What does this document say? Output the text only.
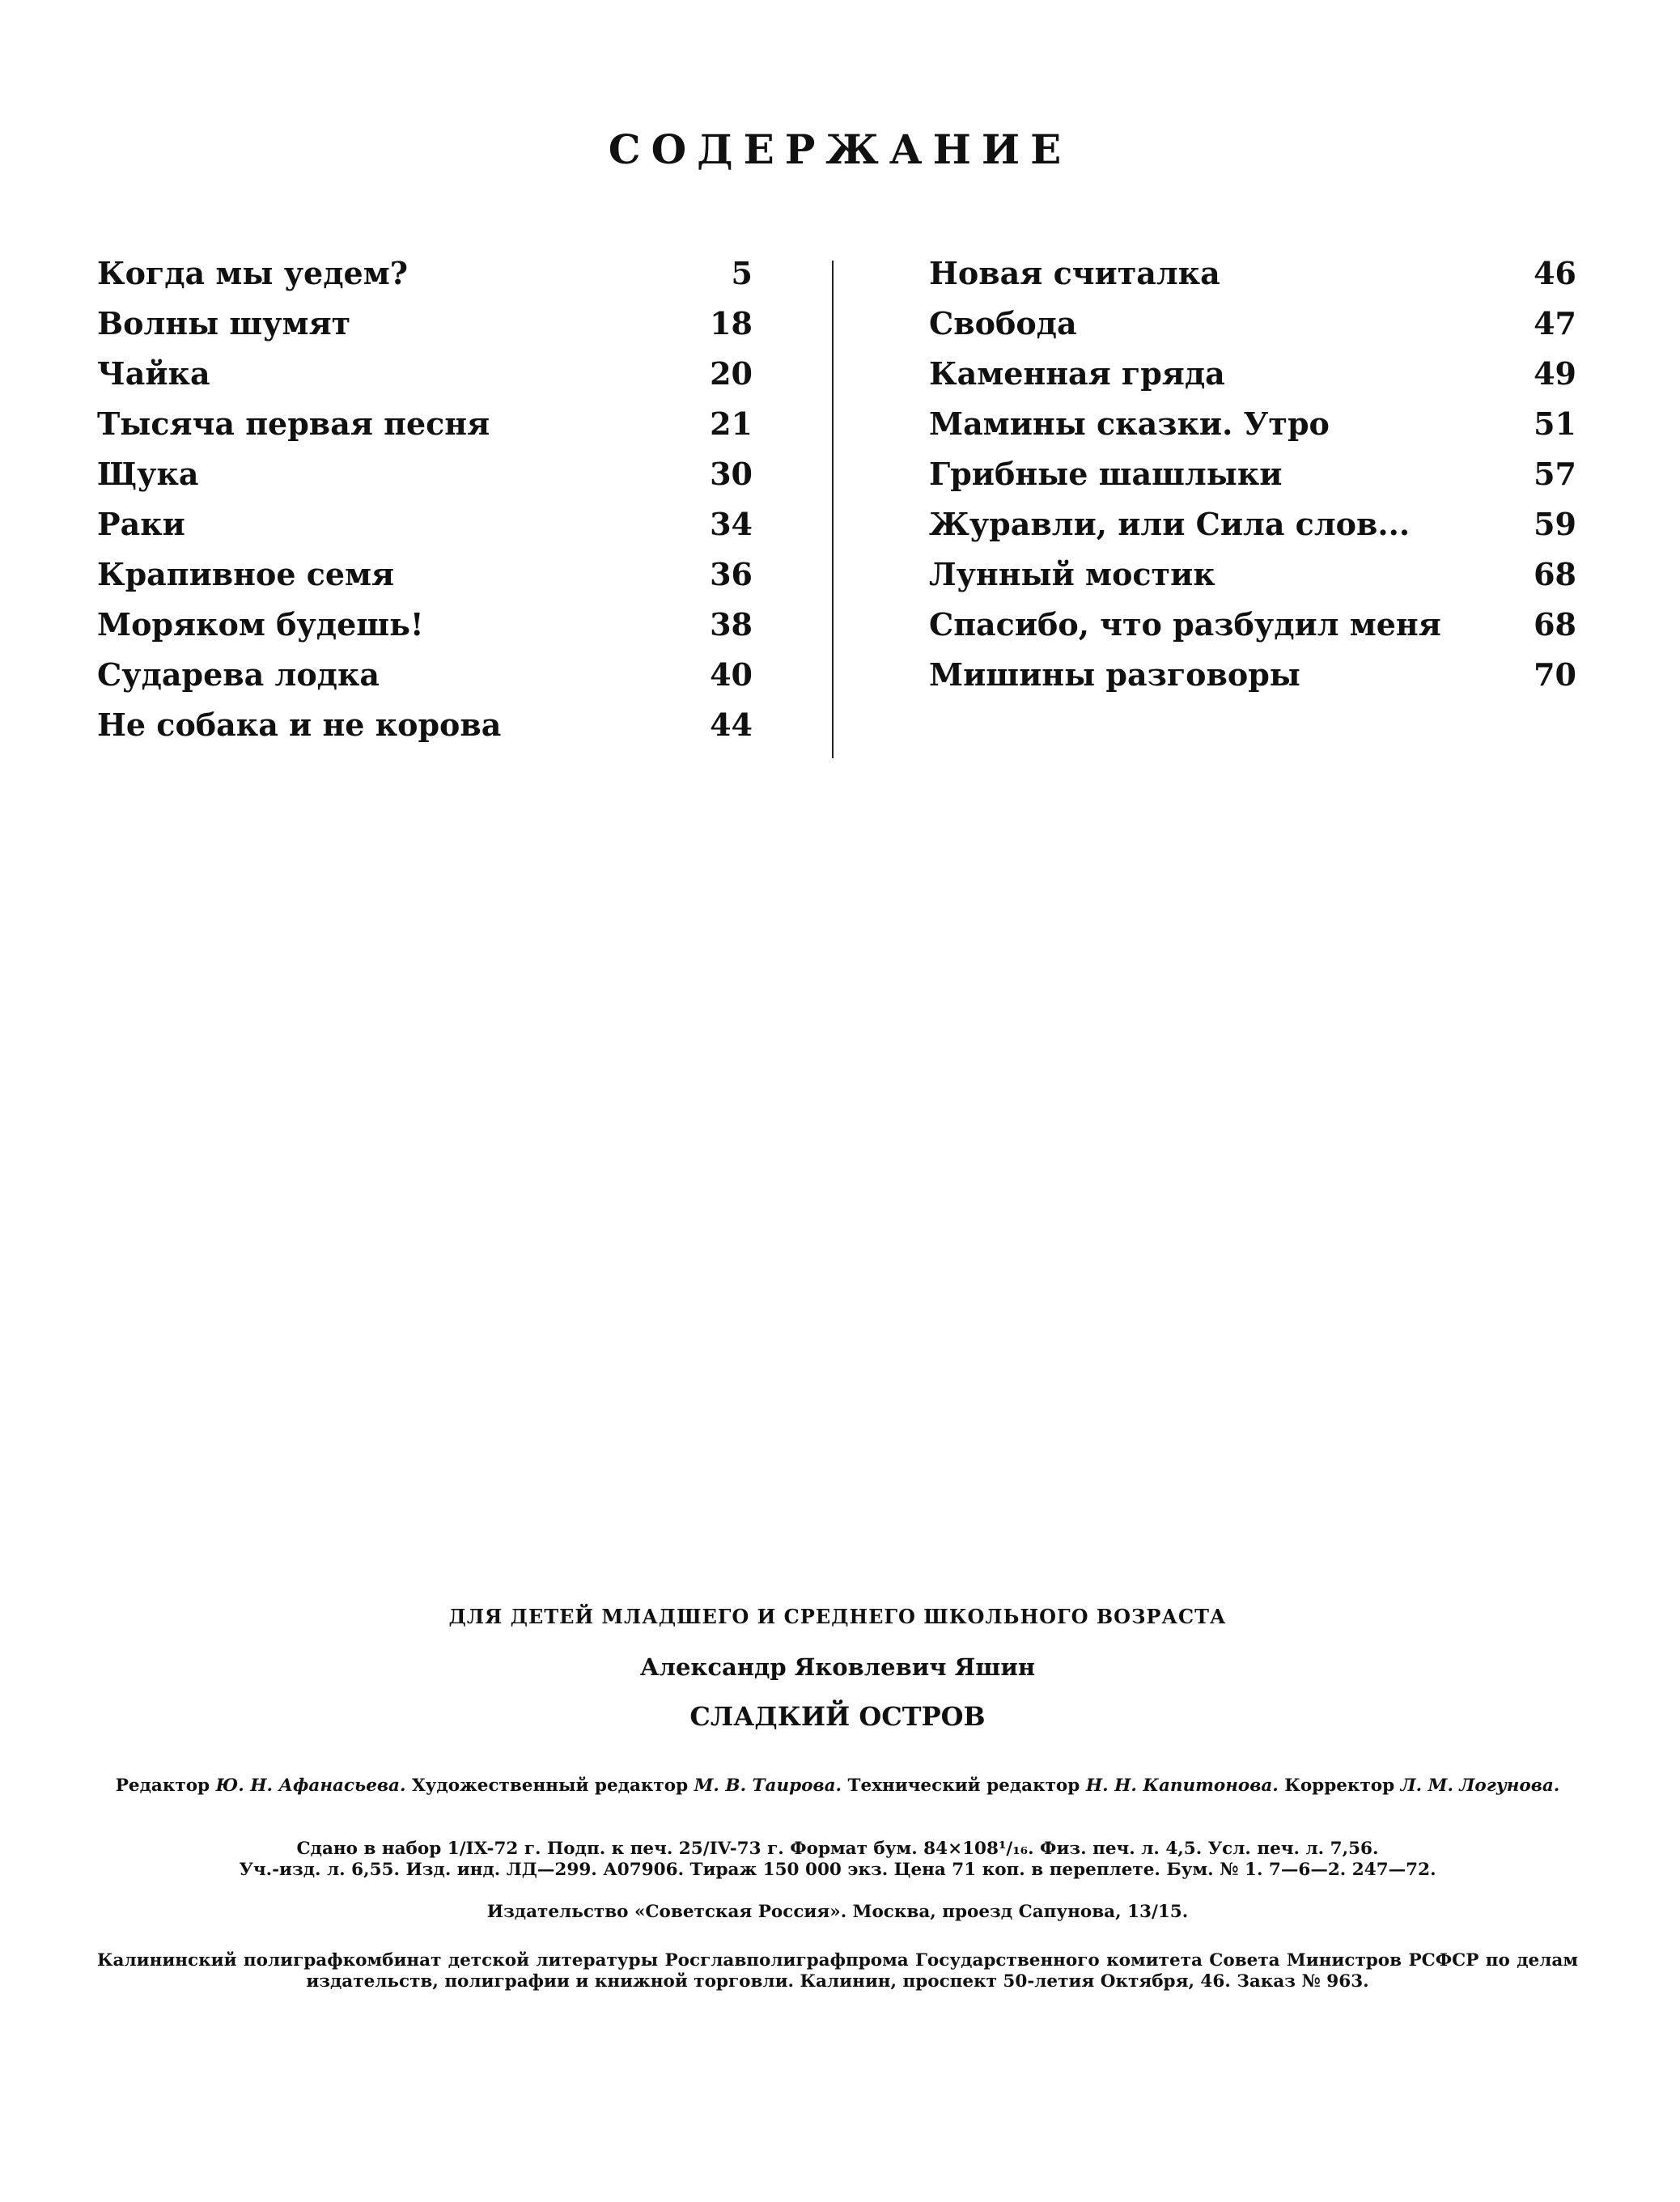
СОДЕРЖАНИЕ
Когда мы уедем?	5
Волны шумят	18
Чайка	20
Тысяча первая песня	21
Щука	30
Раки	34
Крапивное семя	36
Моряком будешь!	38
Сударева лодка	40
Не собака и не корова	44
Новая считалка	46
Свобода	47
Каменная гряда	49
Мамины сказки. Утро	51
Грибные шашлыки	57
Журавли, или Сила слов...	59
Лунный мостик	68
Спасибо, что разбудил меня	68
Мишины разговоры	70
ДЛЯ ДЕТЕЙ МЛАДШЕГО И СРЕДНЕГО ШКОЛЬНОГО ВОЗРАСТА
Александр Яковлевич Яшин
СЛАДКИЙ ОСТРОВ
Редактор Ю. Н. Афанасьева. Художественный редактор М. В. Таирова. Технический редактор Н. Н. Капитонова. Корректор Л. М. Логунова.
Сдано в набор 1/IX-72 г. Подп. к печ. 25/IV-73 г. Формат бум. 84×108¹/₁₆. Физ. печ. л. 4,5. Усл. печ. л. 7,56.
Уч.-изд. л. 6,55. Изд. инд. ЛД—299. А07906. Тираж 150 000 экз. Цена 71 коп. в переплете. Бум. № 1. 7—6—2. 247—72.
Издательство «Советская Россия». Москва, проезд Сапунова, 13/15.
Калининский полиграфкомбинат детской литературы Росглавполиграфпрома Государственного комитета Совета Министров РСФСР по делам издательств, полиграфии и книжной торговли. Калинин, проспект 50-летия Октября, 46. Заказ № 963.
